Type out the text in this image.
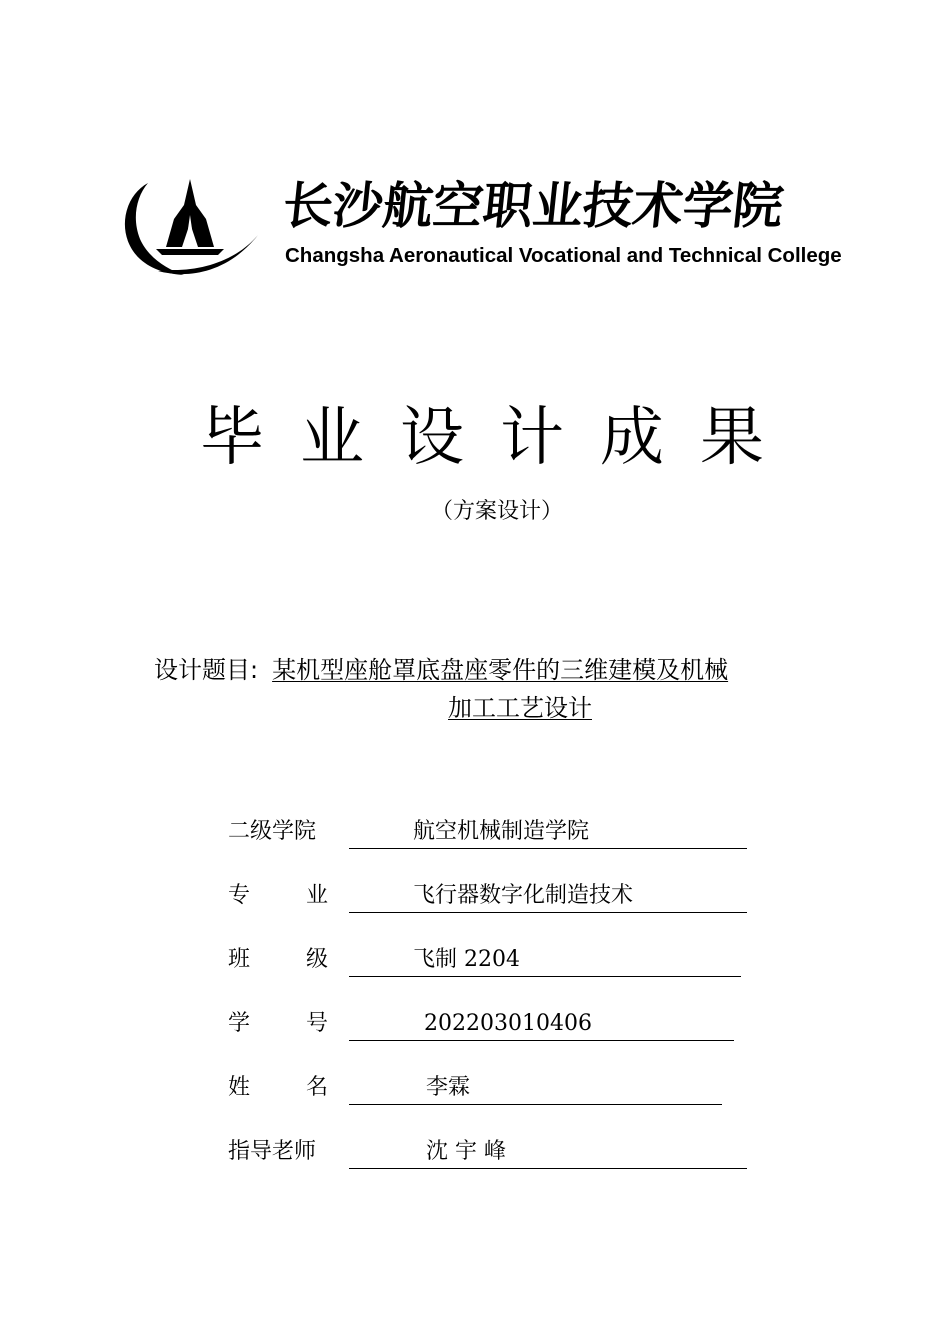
长沙航空职业技术学院
Changsha Aeronautical Vocational and Technical College
毕业设计成果
（方案设计）
设计题目: 某机型座舱罩底盘座零件的三维建模及机械
加工工艺设计
二级学院	航空机械制造学院
专	业	飞行器数字化制造技术
班	级	飞制 2204
学	号	202203010406
姓	名	李霖
指导老师	沈 宇 峰
